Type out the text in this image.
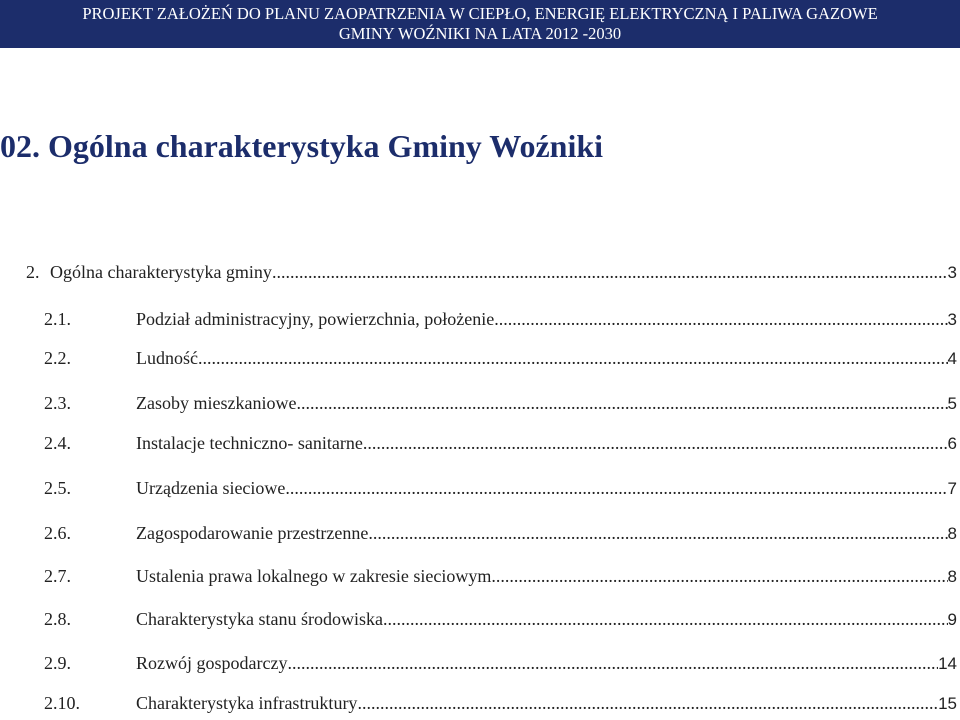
PROJEKT ZAŁOŻEŃ DO PLANU ZAOPATRZENIA W CIEPŁO, ENERGIĘ ELEKTRYCZNĄ I PALIWA GAZOWE
GMINY WOŹNIKI NA LATA 2012 -2030
02. Ogólna charakterystyka Gminy Woźniki
2. Ogólna charakterystyka gminy .....	3
2.1.	Podział administracyjny, powierzchnia, położenie .....	3
2.2.	Ludność .....	4
2.3.	Zasoby mieszkaniowe .....	5
2.4.	Instalacje techniczno- sanitarne .....	6
2.5.	Urządzenia sieciowe .....	7
2.6.	Zagospodarowanie przestrzenne .....	8
2.7.	Ustalenia prawa lokalnego w zakresie sieciowym .....	8
2.8.	Charakterystyka stanu środowiska .....	9
2.9.	Rozwój gospodarczy .....	14
2.10.	Charakterystyka infrastruktury .....	15
